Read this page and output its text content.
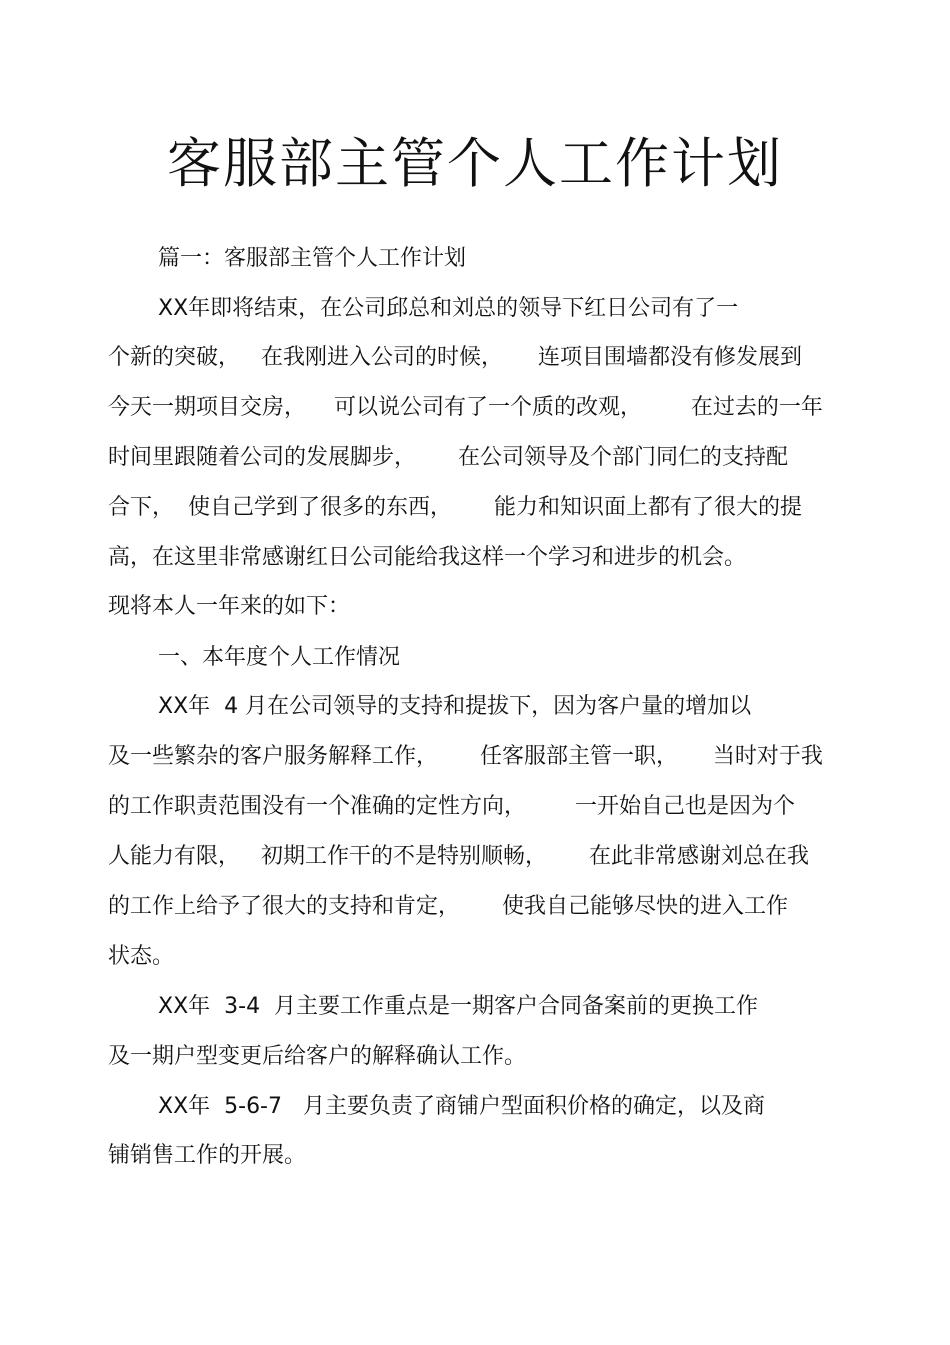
客服部主管个人工作计划
篇一：客服部主管个人工作计划
XX年即将结束，在公司邱总和刘总的领导下红日公司有了一
个新的突破，   在我刚进入公司的时候，     连项目围墙都没有修发展到
今天一期项目交房，    可以说公司有了一个质的改观，       在过去的一年
时间里跟随着公司的发展脚步，      在公司领导及个部门同仁的支持配
合下，  使自己学到了很多的东西，      能力和知识面上都有了很大的提
高，在这里非常感谢红日公司能给我这样一个学习和进步的机会。
现将本人一年来的如下：
一、本年度个人工作情况
XX年  4 月在公司领导的支持和提拔下，因为客户量的增加以
及一些繁杂的客户服务解释工作，      任客服部主管一职，     当时对于我
的工作职责范围没有一个准确的定性方向，       一开始自己也是因为个
人能力有限，   初期工作干的不是特别顺畅，      在此非常感谢刘总在我
的工作上给予了很大的支持和肯定，      使我自己能够尽快的进入工作
状态。
XX年  3-4  月主要工作重点是一期客户合同备案前的更换工作
及一期户型变更后给客户的解释确认工作。
XX年  5-6-7   月主要负责了商铺户型面积价格的确定，以及商
铺销售工作的开展。
